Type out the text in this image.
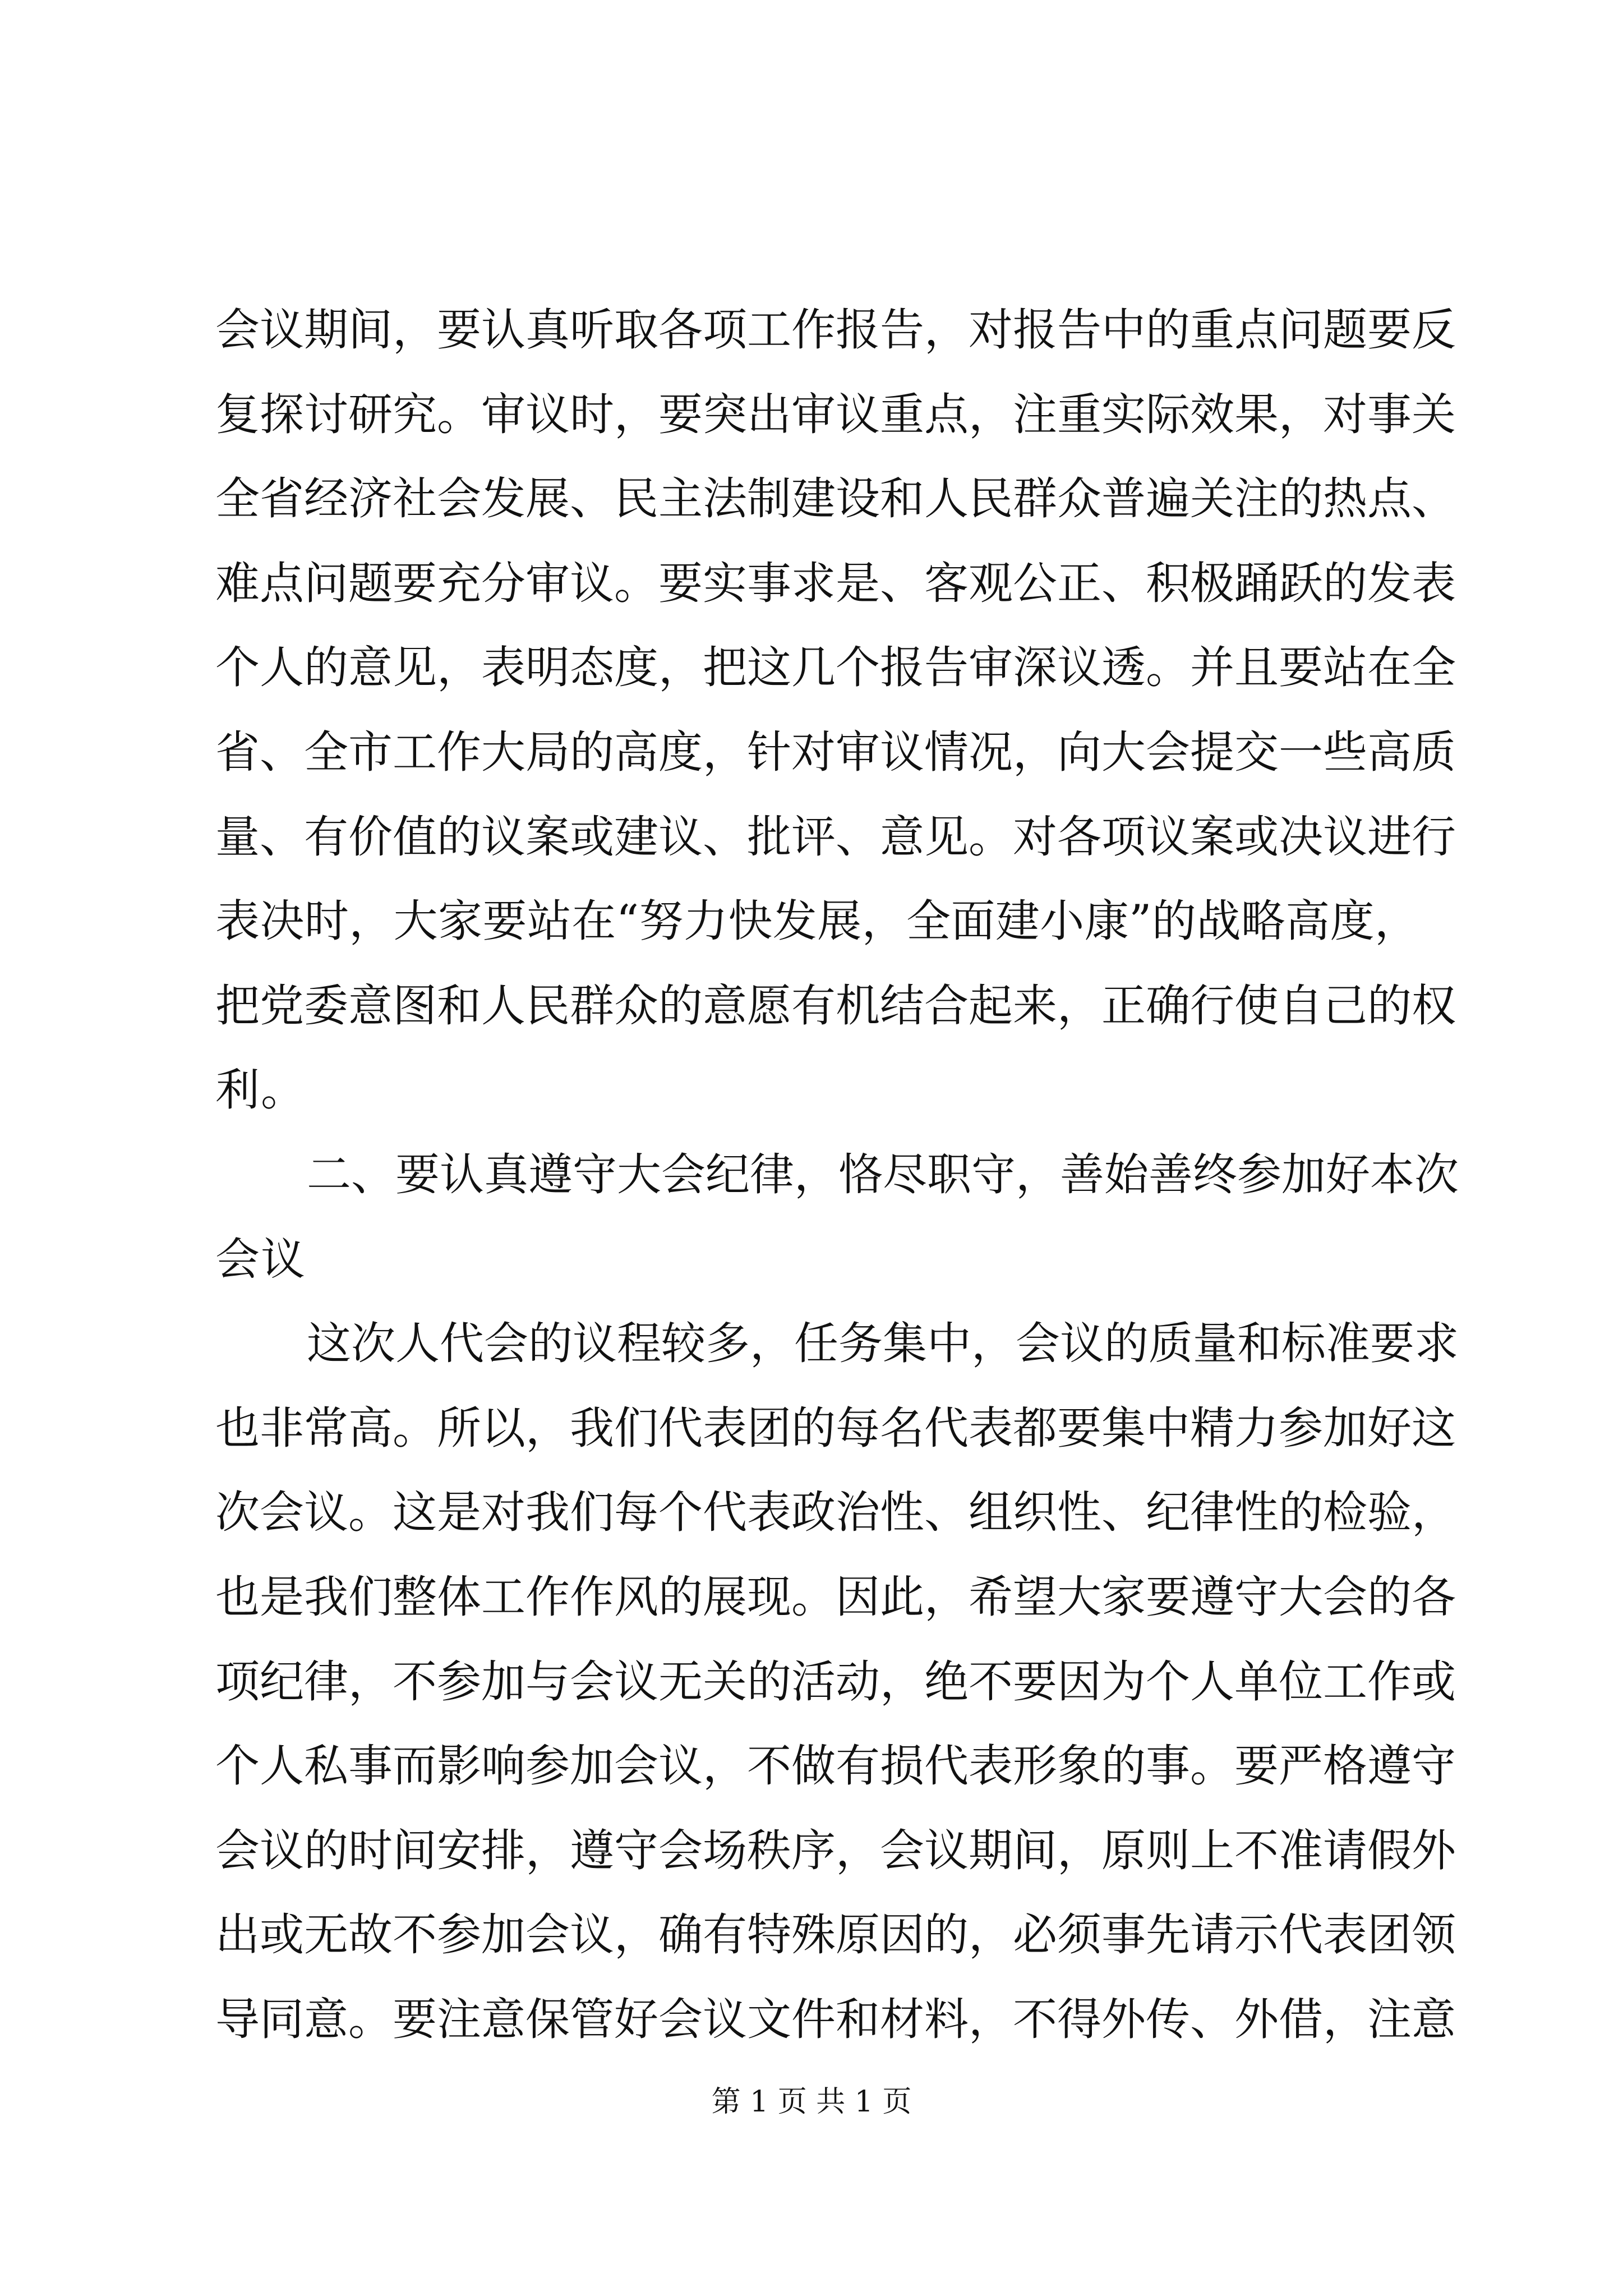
会议期间，要认真听取各项工作报告，对报告中的重点问题要反
复探讨研究。审议时，要突出审议重点，注重实际效果，对事关
全省经济社会发展、民主法制建设和人民群众普遍关注的热点、
难点问题要充分审议。要实事求是、客观公正、积极踊跃的发表
个人的意见，表明态度，把这几个报告审深议透。并且要站在全
省、全市工作大局的高度，针对审议情况，向大会提交一些高质
量、有价值的议案或建议、批评、意见。对各项议案或决议进行
表决时，大家要站在“努力快发展，全面建小康”的战略高度，
把党委意图和人民群众的意愿有机结合起来，正确行使自己的权
利。
二、要认真遵守大会纪律，恪尽职守，善始善终参加好本次
会议
这次人代会的议程较多，任务集中，会议的质量和标准要求
也非常高。所以，我们代表团的每名代表都要集中精力参加好这
次会议。这是对我们每个代表政治性、组织性、纪律性的检验，
也是我们整体工作作风的展现。因此，希望大家要遵守大会的各
项纪律，不参加与会议无关的活动，绝不要因为个人单位工作或
个人私事而影响参加会议，不做有损代表形象的事。要严格遵守
会议的时间安排，遵守会场秩序，会议期间，原则上不准请假外
出或无故不参加会议，确有特殊原因的，必须事先请示代表团领
导同意。要注意保管好会议文件和材料，不得外传、外借，注意
第 1 页 共 1 页
